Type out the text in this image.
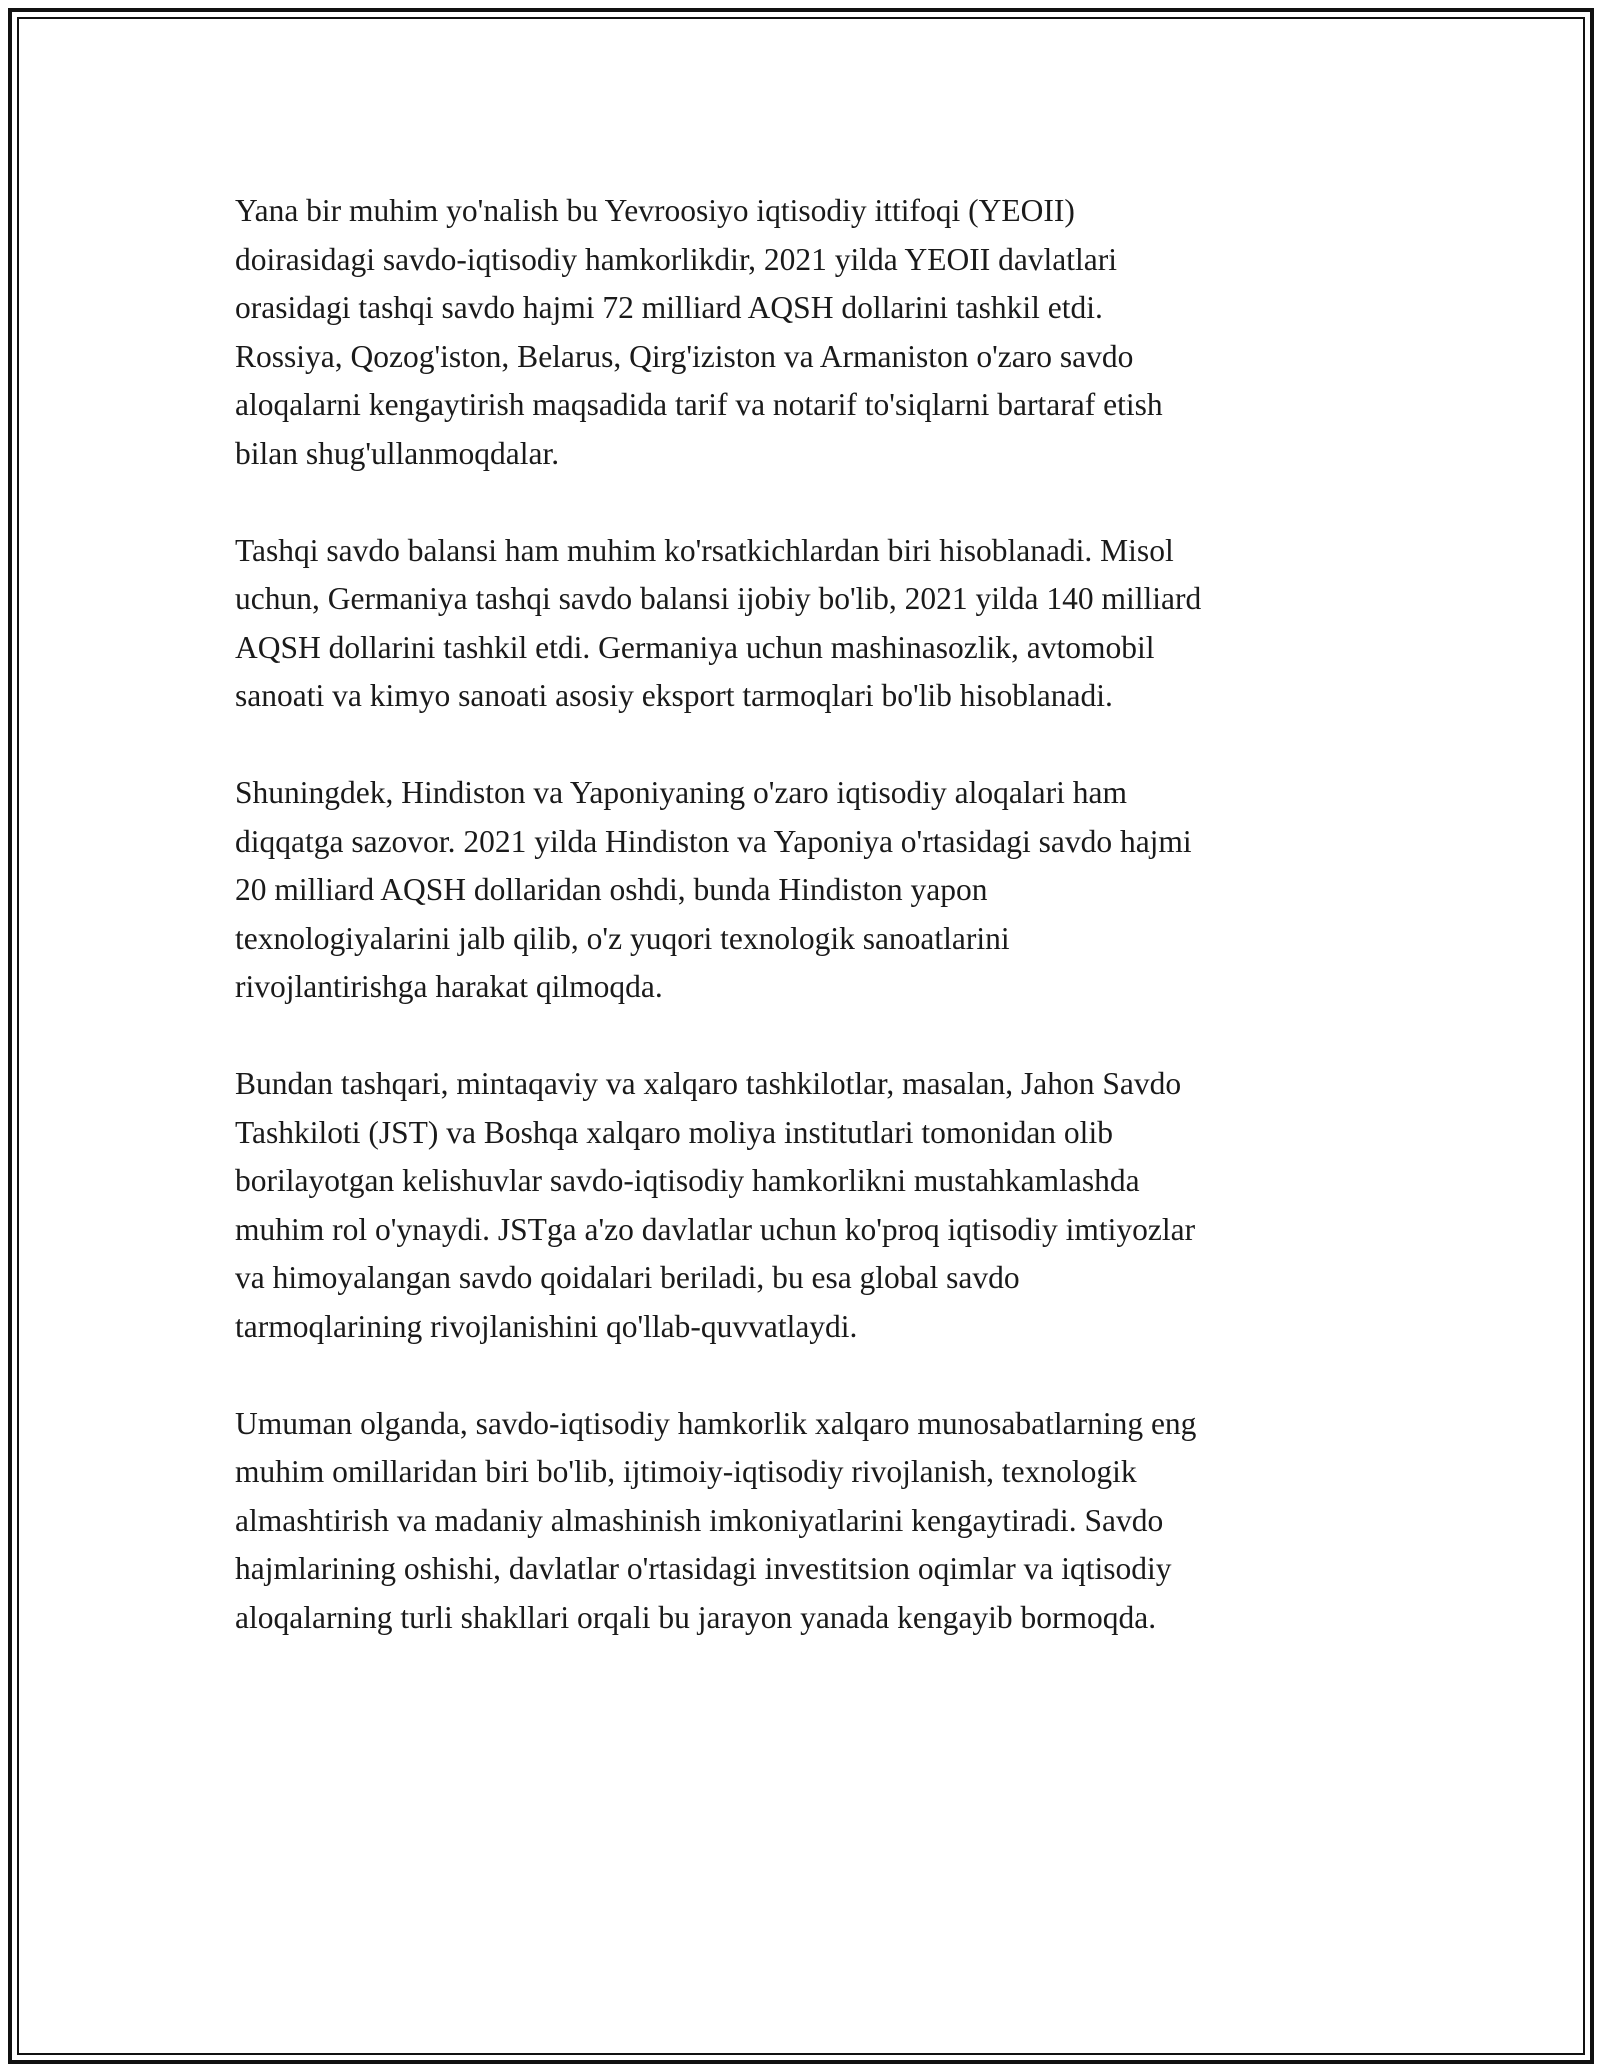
Yana bir muhim yo'nalish bu Yevroosiyo iqtisodiy ittifoqi (YEOII)
doirasidagi savdo-iqtisodiy hamkorlikdir, 2021 yilda YEOII davlatlari
orasidagi tashqi savdo hajmi 72 milliard AQSH dollarini tashkil etdi.
Rossiya, Qozog'iston, Belarus, Qirg'iziston va Armaniston o'zaro savdo
aloqalarni kengaytirish maqsadida tarif va notarif to'siqlarni bartaraf etish
bilan shug'ullanmoqdalar.

Tashqi savdo balansi ham muhim ko'rsatkichlardan biri hisoblanadi. Misol
uchun, Germaniya tashqi savdo balansi ijobiy bo'lib, 2021 yilda 140 milliard
AQSH dollarini tashkil etdi. Germaniya uchun mashinasozlik, avtomobil
sanoati va kimyo sanoati asosiy eksport tarmoqlari bo'lib hisoblanadi.

Shuningdek, Hindiston va Yaponiyaning o'zaro iqtisodiy aloqalari ham
diqqatga sazovor. 2021 yilda Hindiston va Yaponiya o'rtasidagi savdo hajmi
20 milliard AQSH dollaridan oshdi, bunda Hindiston yapon
texnologiyalarini jalb qilib, o'z yuqori texnologik sanoatlarini
rivojlantirishga harakat qilmoqda.

Bundan tashqari, mintaqaviy va xalqaro tashkilotlar, masalan, Jahon Savdo
Tashkiloti (JST) va Boshqa xalqaro moliya institutlari tomonidan olib
borilayotgan kelishuvlar savdo-iqtisodiy hamkorlikni mustahkamlashda
muhim rol o'ynaydi. JSTga a'zo davlatlar uchun ko'proq iqtisodiy imtiyozlar
va himoyalangan savdo qoidalari beriladi, bu esa global savdo
tarmoqlarining rivojlanishini qo'llab-quvvatlaydi.

Umuman olganda, savdo-iqtisodiy hamkorlik xalqaro munosabatlarning eng
muhim omillaridan biri bo'lib, ijtimoiy-iqtisodiy rivojlanish, texnologik
almashtirish va madaniy almashinish imkoniyatlarini kengaytiradi. Savdo
hajmlarining oshishi, davlatlar o'rtasidagi investitsion oqimlar va iqtisodiy
aloqalarning turli shakllari orqali bu jarayon yanada kengayib bormoqda.
